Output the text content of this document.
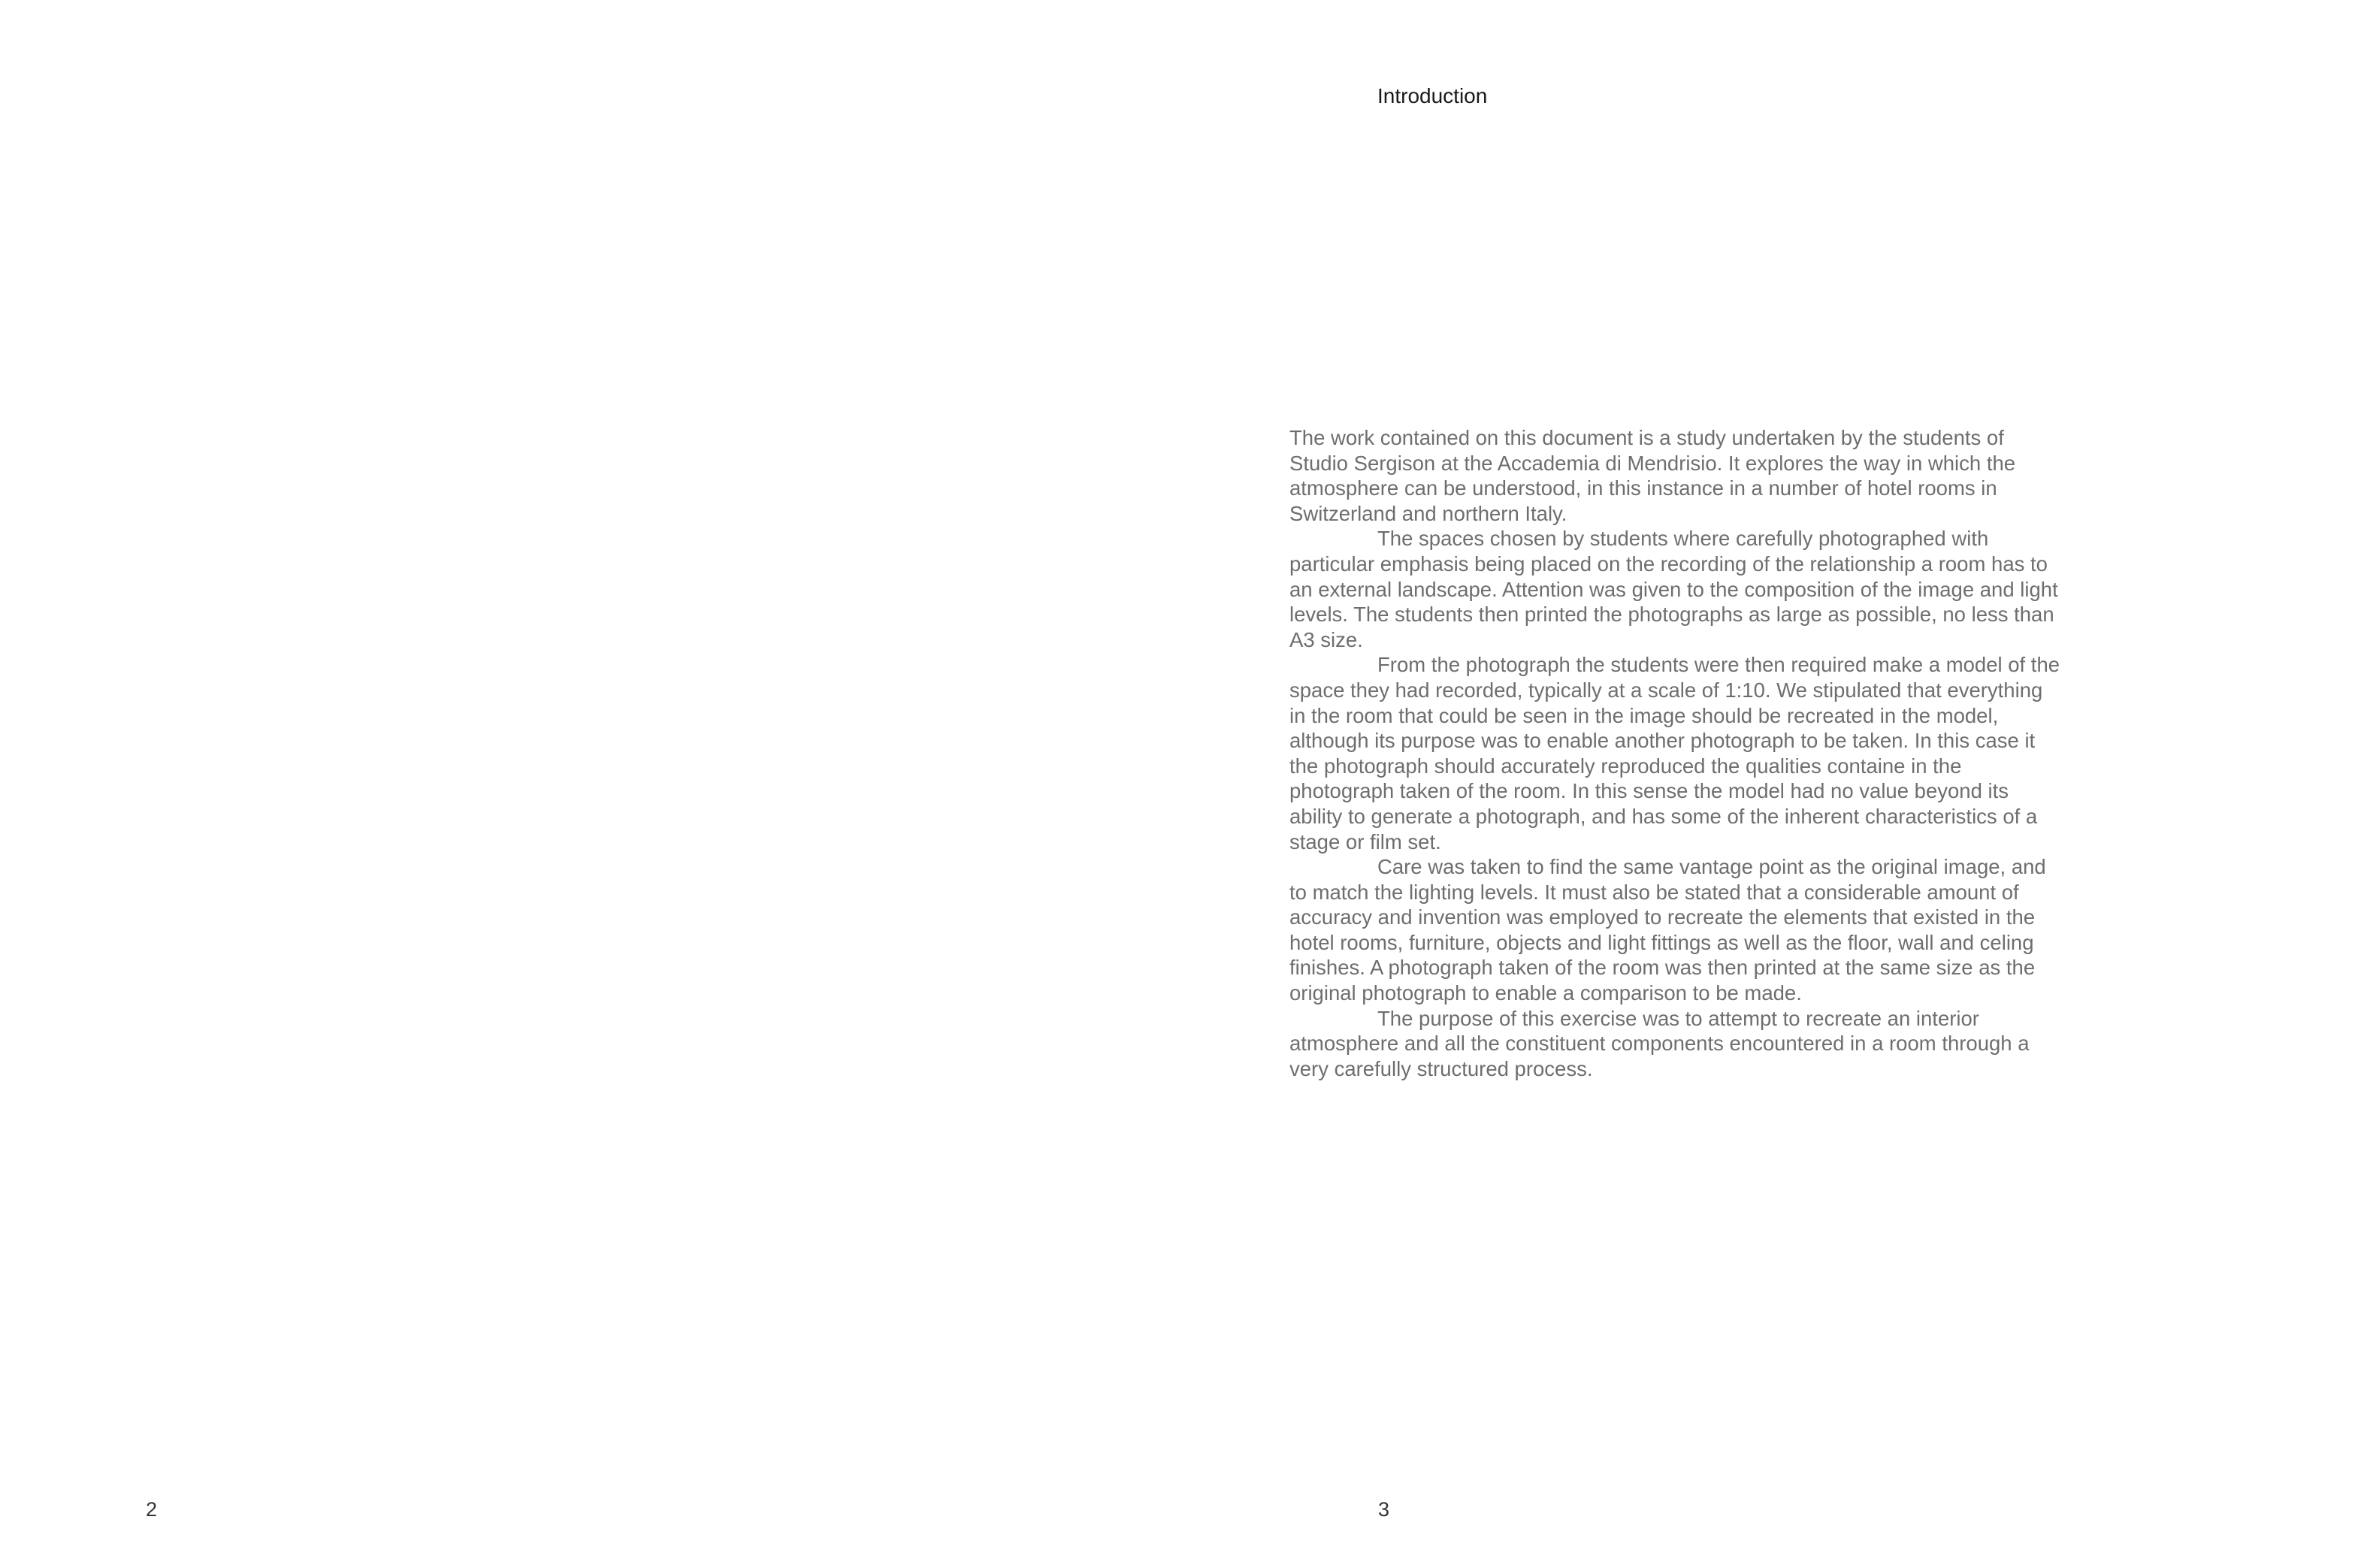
2
Introduction

The work contained on this document is a study undertaken by the students of Studio Sergison at the Accademia di Mendrisio. It explores the way in which the atmosphere can be understood, in this instance in a number of hotel rooms in Switzerland and northern Italy.

The spaces chosen by students where carefully photographed with particular emphasis being placed on the recording of the relationship a room has to an external landscape. Attention was given to the composition of the image and light levels. The students then printed the photographs as large as possible, no less than A3 size.

From the photograph the students were then required make a model of the space they had recorded, typically at a scale of 1:10. We stipulated that everything in the room that could be seen in the image should be recreated in the model, although its purpose was to enable another photograph to be taken. In this case it the photograph should accurately reproduced the qualities containe in the photograph taken of the room. In this sense the model had no value beyond its ability to generate a photograph, and has some of the inherent characteristics of a stage or film set.

Care was taken to find the same vantage point as the original image, and to match the lighting levels. It must also be stated that a considerable amount of accuracy and invention was employed to recreate the elements that existed in the hotel rooms, furniture, objects and light fittings as well as the floor, wall and celing finishes. A photograph taken of the room was then printed at the same size as the original photograph to enable a comparison to be made.

The purpose of this exercise was to attempt to recreate an interior atmosphere and all the constituent components encountered in a room through a very carefully structured process.

3
